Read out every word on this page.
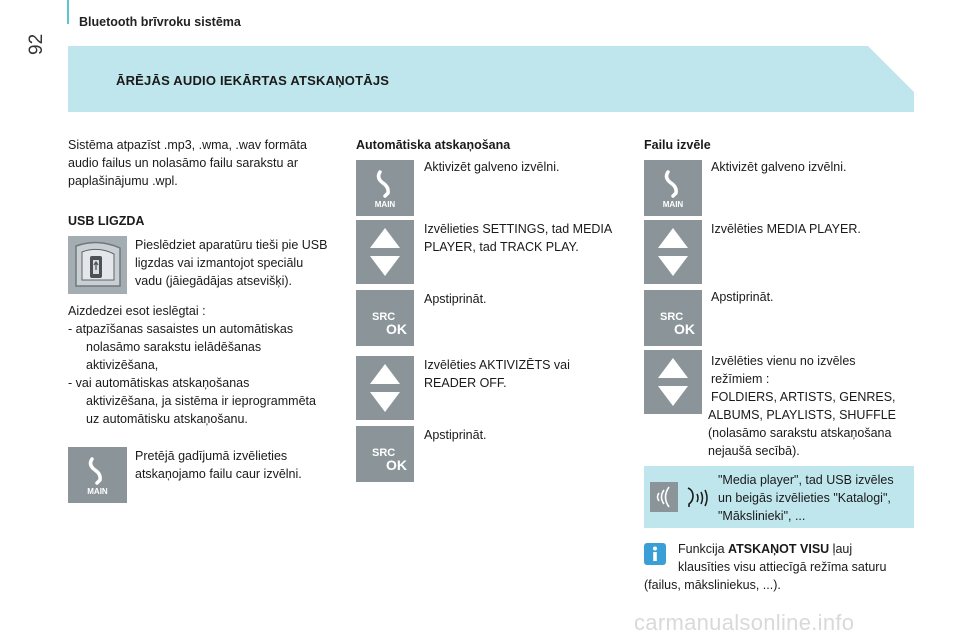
92
Bluetooth brīvroku sistēma
ĀRĒJĀS AUDIO IEKĀRTAS ATSKAŅOTĀJS
Sistēma atpazīst .mp3, .wma, .wav formāta
audio failus un nolasāmo failu sarakstu ar
paplašinājumu .wpl.
USB LIGZDA
Pieslēdziet aparatūru tieši pie USB
ligzdas vai izmantojot speciālu
vadu (jāiegādājas atsevišķi).
Aizdedzei esot ieslēgtai :
- atpazīšanas sasaistes un automātiskas
nolasāmo sarakstu ielādēšanas
aktivizēšana,
- vai automātiskas atskaņošanas
aktivizēšana, ja sistēma ir ieprogrammēta
uz automātisku atskaņošanu.
MAIN
Pretējā gadījumā izvēlieties
atskaņojamo failu caur izvēlni.
Automātiska atskaņošana
MAIN
Aktivizēt galveno izvēlni.
Izvēlieties SETTINGS, tad MEDIA
PLAYER, tad TRACK PLAY.
SRC
OK
Apstiprināt.
Izvēlēties AKTIVIZĒTS vai
READER OFF.
SRC
OK
Apstiprināt.
Failu izvēle
MAIN
Aktivizēt galveno izvēlni.
Izvēlēties MEDIA PLAYER.
SRC
OK
Apstiprināt.
Izvēlēties vienu no izvēles
režīmiem :
FOLDIERS, ARTISTS, GENRES,
ALBUMS, PLAYLISTS, SHUFFLE
(nolasāmo sarakstu atskaņošana
nejaušā secībā).
"Media player", tad USB izvēles
un beigās izvēlieties "Katalogi",
"Mākslinieki", ...
Funkcija ATSKAŅOT VISU ļauj
klausīties visu attiecīgā režīma saturu
(failus, māksliniekus, ...).
carmanualsonline.info
